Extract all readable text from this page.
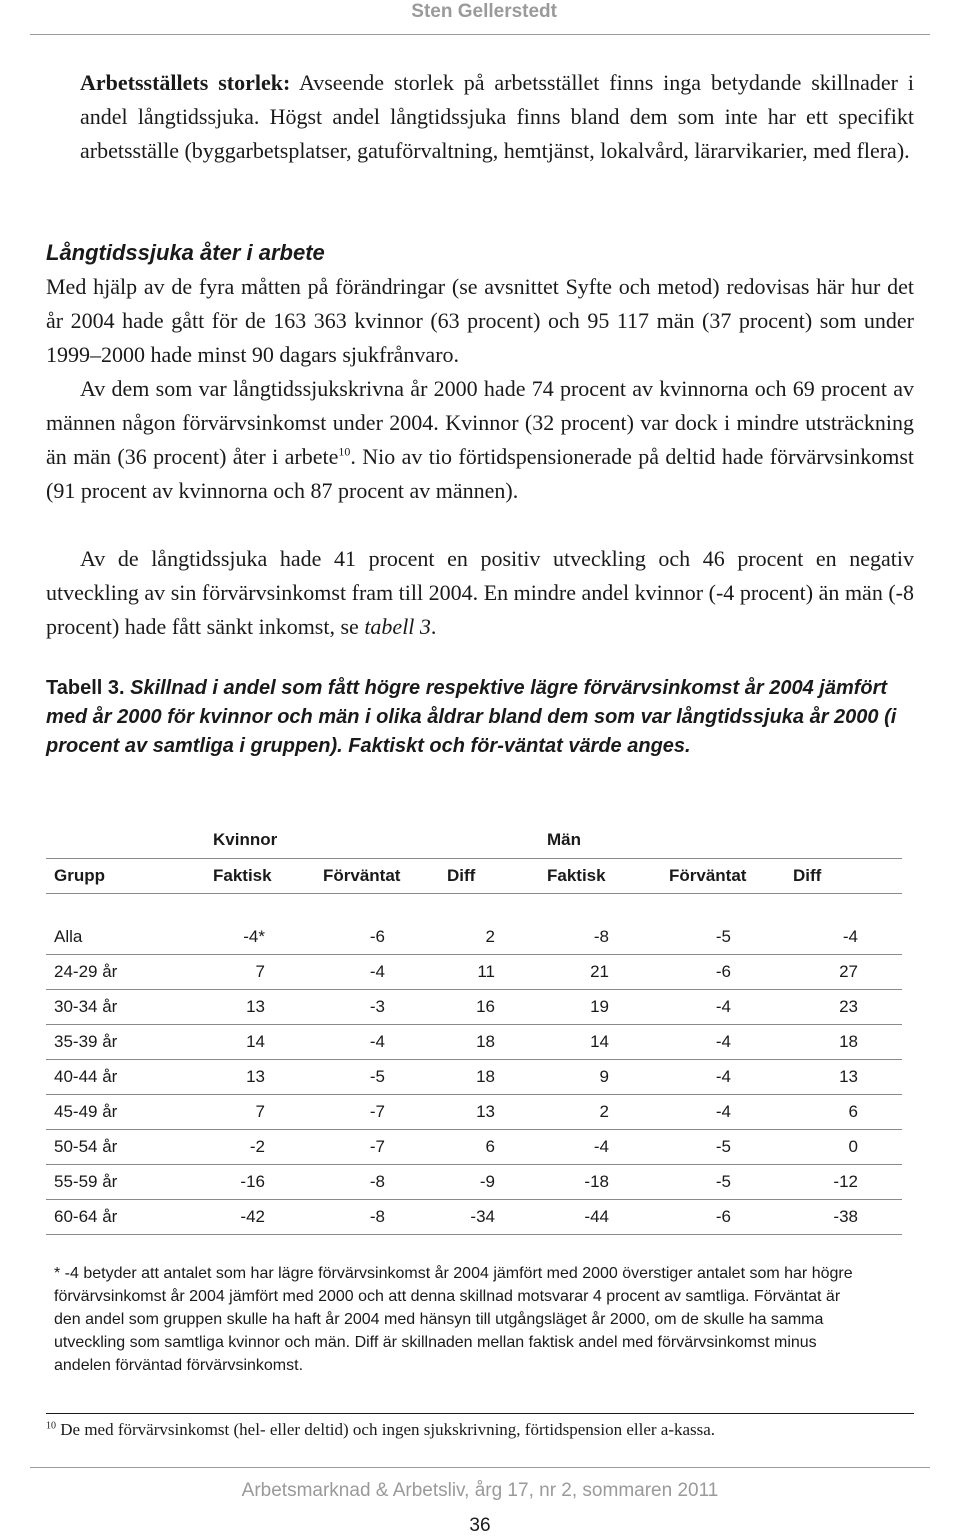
Sten Gellerstedt

Arbetsställets storlek: Avseende storlek på arbetsstället finns inga betydande skillnader i andel långtidssjuka. Högst andel långtidssjuka finns bland dem som inte har ett specifikt arbetsställe (byggarbetsplatser, gatuförvaltning, hemtjänst, lokalvård, lärarvikarier, med flera).

Långtidssjuka åter i arbete

Med hjälp av de fyra måtten på förändringar (se avsnittet Syfte och metod) redovisas här hur det år 2004 hade gått för de 163 363 kvinnor (63 procent) och 95 117 män (37 procent) som under 1999–2000 hade minst 90 dagars sjukfrånvaro.

Av dem som var långtidssjukskrivna år 2000 hade 74 procent av kvinnorna och 69 procent av männen någon förvärvsinkomst under 2004. Kvinnor (32 procent) var dock i mindre utsträckning än män (36 procent) åter i arbete$^{10}$. Nio av tio förtidspensionerade på deltid hade förvärvsinkomst (91 procent av kvinnorna och 87 procent av männen).

Av de långtidssjuka hade 41 procent en positiv utveckling och 46 procent en negativ utveckling av sin förvärvsinkomst fram till 2004. En mindre andel kvinnor (-4 procent) än män (-8 procent) hade fått sänkt inkomst, se tabell 3.

Tabell 3. Skillnad i andel som fått högre respektive lägre förvärvsinkomst år 2004 jämfört med år 2000 för kvinnor och män i olika åldrar bland dem som var långtidssjuka år 2000 (i procent av samtliga i gruppen). Faktiskt och för-väntat värde anges.

	Kvinnor			Män		
Grupp	Faktisk	Förväntat	Diff	Faktisk	Förväntat	Diff

Alla	-4*	-6	2	-8	-5	-4
24-29 år	7	-4	11	21	-6	27
30-34 år	13	-3	16	19	-4	23
35-39 år	14	-4	18	14	-4	18
40-44 år	13	-5	18	9	-4	13
45-49 år	7	-7	13	2	-4	6
50-54 år	-2	-7	6	-4	-5	0
55-59 år	-16	-8	-9	-18	-5	-12
60-64 år	-42	-8	-34	-44	-6	-38

* -4 betyder att antalet som har lägre förvärvsinkomst år 2004 jämfört med 2000 överstiger antalet som har högre förvärvsinkomst år 2004 jämfört med 2000 och att denna skillnad motsvarar 4 procent av samtliga. Förväntat är den andel som gruppen skulle ha haft år 2004 med hänsyn till utgångsläget år 2000, om de skulle ha samma utveckling som samtliga kvinnor och män. Diff är skillnaden mellan faktisk andel med förvärvsinkomst minus andelen förväntad förvärvsinkomst.

$^{10}$ De med förvärvsinkomst (hel- eller deltid) och ingen sjukskrivning, förtidspension eller a-kassa.

Arbetsmarknad & Arbetsliv, årg 17, nr 2, sommaren 2011
36
